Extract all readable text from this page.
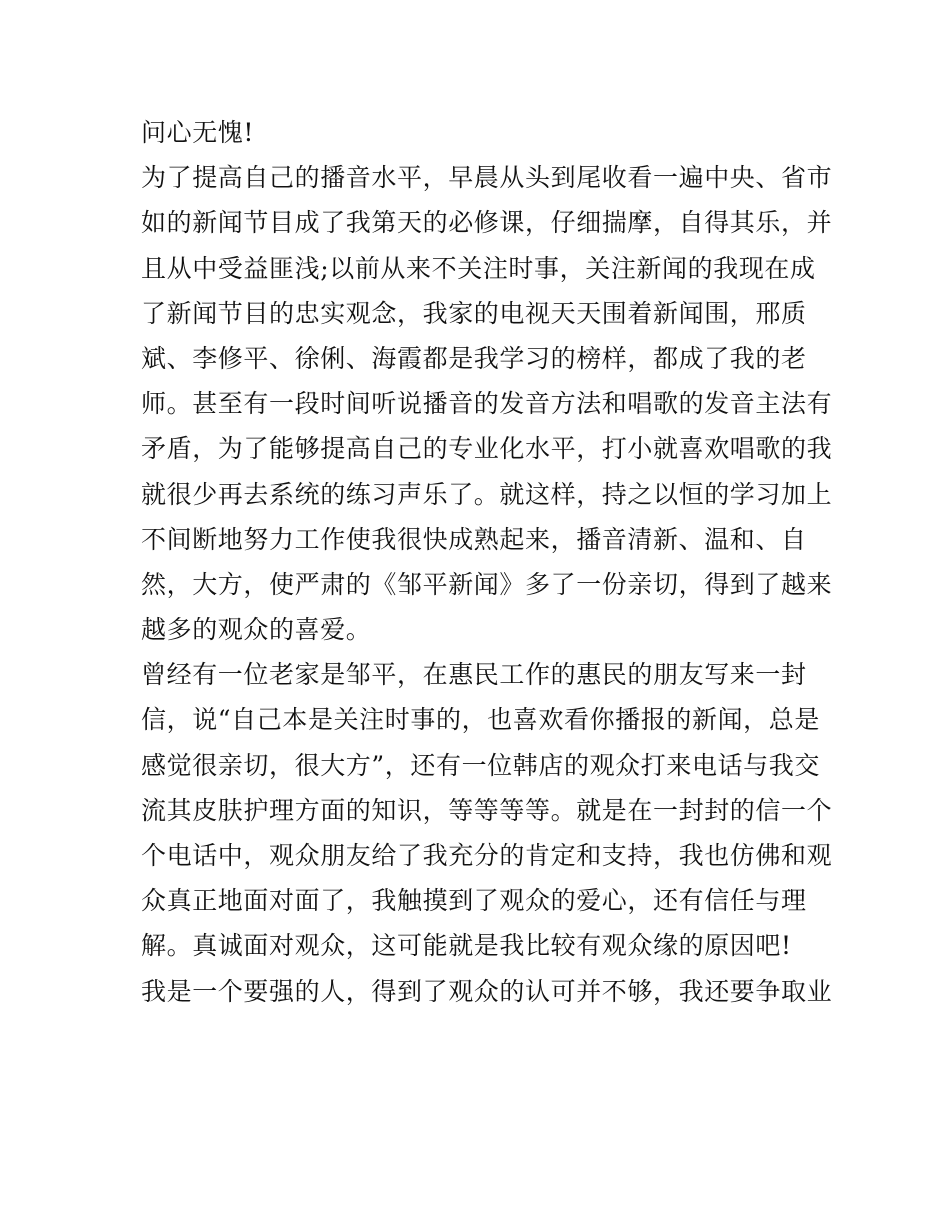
问心无愧!
为了提高自己的播音水平，早晨从头到尾收看一遍中央、省市
如的新闻节目成了我第天的必修课，仔细揣摩，自得其乐，并
且从中受益匪浅;以前从来不关注时事，关注新闻的我现在成
了新闻节目的忠实观念，我家的电视天天围着新闻围，邢质
斌、李修平、徐俐、海霞都是我学习的榜样，都成了我的老
师。甚至有一段时间听说播音的发音方法和唱歌的发音主法有
矛盾，为了能够提高自己的专业化水平，打小就喜欢唱歌的我
就很少再去系统的练习声乐了。就这样，持之以恒的学习加上
不间断地努力工作使我很快成熟起来，播音清新、温和、自
然，大方，使严肃的《邹平新闻》多了一份亲切，得到了越来
越多的观众的喜爱。
曾经有一位老家是邹平，在惠民工作的惠民的朋友写来一封
信，说“自己本是关注时事的，也喜欢看你播报的新闻，总是
感觉很亲切，很大方”，还有一位韩店的观众打来电话与我交
流其皮肤护理方面的知识，等等等等。就是在一封封的信一个
个电话中，观众朋友给了我充分的肯定和支持，我也仿佛和观
众真正地面对面了，我触摸到了观众的爱心，还有信任与理
解。真诚面对观众，这可能就是我比较有观众缘的原因吧!
我是一个要强的人，得到了观众的认可并不够，我还要争取业
